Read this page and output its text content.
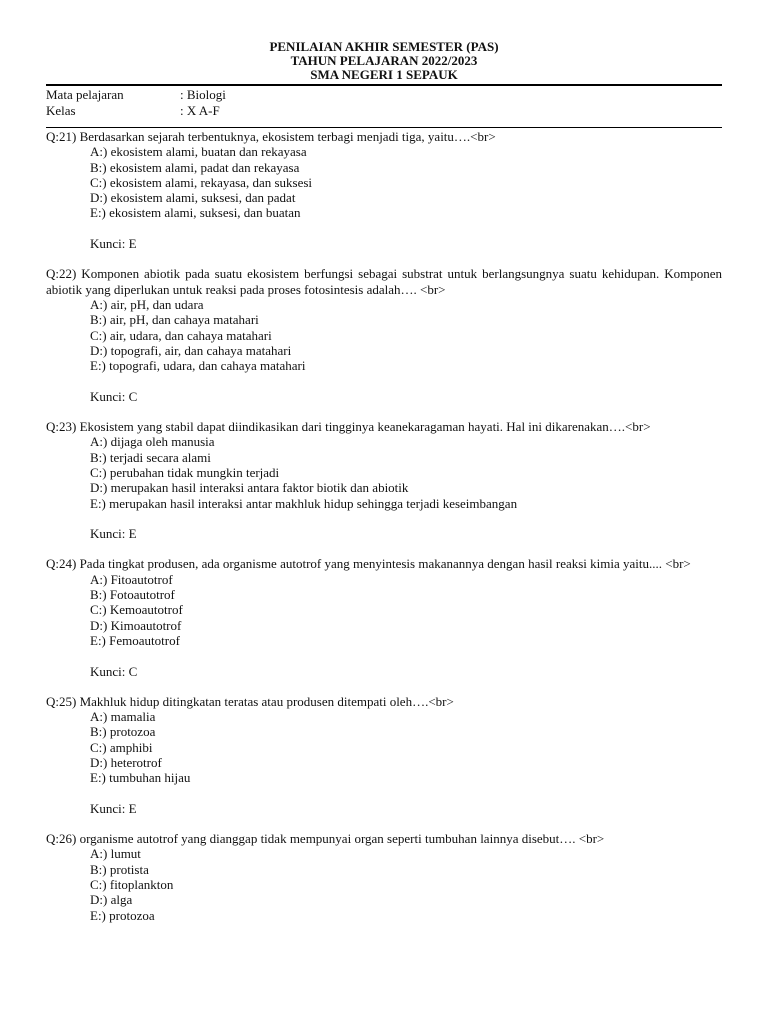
PENILAIAN AKHIR SEMESTER (PAS)
TAHUN PELAJARAN 2022/2023
SMA NEGERI 1 SEPAUK
Mata pelajaran	: Biologi
Kelas	: X A-F
Q:21) Berdasarkan sejarah terbentuknya, ekosistem terbagi menjadi tiga, yaitu….<br>
A:) ekosistem alami, buatan dan rekayasa
B:) ekosistem alami, padat dan rekayasa
C:) ekosistem alami, rekayasa, dan suksesi
D:) ekosistem alami, suksesi, dan padat
E:) ekosistem alami, suksesi, dan buatan
Kunci: E
Q:22) Komponen abiotik pada suatu ekosistem berfungsi sebagai substrat untuk berlangsungnya suatu kehidupan. Komponen abiotik yang diperlukan untuk reaksi pada proses fotosintesis adalah…. <br>
A:) air, pH, dan udara
B:) air, pH, dan cahaya matahari
C:) air, udara, dan cahaya matahari
D:) topografi, air, dan cahaya matahari
E:) topografi, udara, dan cahaya matahari
Kunci: C
Q:23) Ekosistem yang stabil dapat diindikasikan dari tingginya keanekaragaman hayati. Hal ini dikarenakan….<br>
A:) dijaga oleh manusia
B:) terjadi secara alami
C:) perubahan tidak mungkin terjadi
D:) merupakan hasil interaksi antara faktor biotik dan abiotik
E:) merupakan hasil interaksi antar makhluk hidup sehingga terjadi keseimbangan
Kunci: E
Q:24) Pada tingkat produsen, ada organisme autotrof yang menyintesis makanannya dengan hasil reaksi kimia yaitu.... <br>
A:) Fitoautotrof
B:) Fotoautotrof
C:) Kemoautotrof
D:) Kimoautotrof
E:) Femoautotrof
Kunci: C
Q:25) Makhluk hidup ditingkatan teratas atau produsen ditempati oleh….<br>
A:) mamalia
B:) protozoa
C:) amphibi
D:) heterotrof
E:) tumbuhan hijau
Kunci: E
Q:26) organisme autotrof yang dianggap tidak mempunyai organ seperti tumbuhan lainnya disebut…. <br>
A:) lumut
B:) protista
C:) fitoplankton
D:) alga
E:) protozoa
